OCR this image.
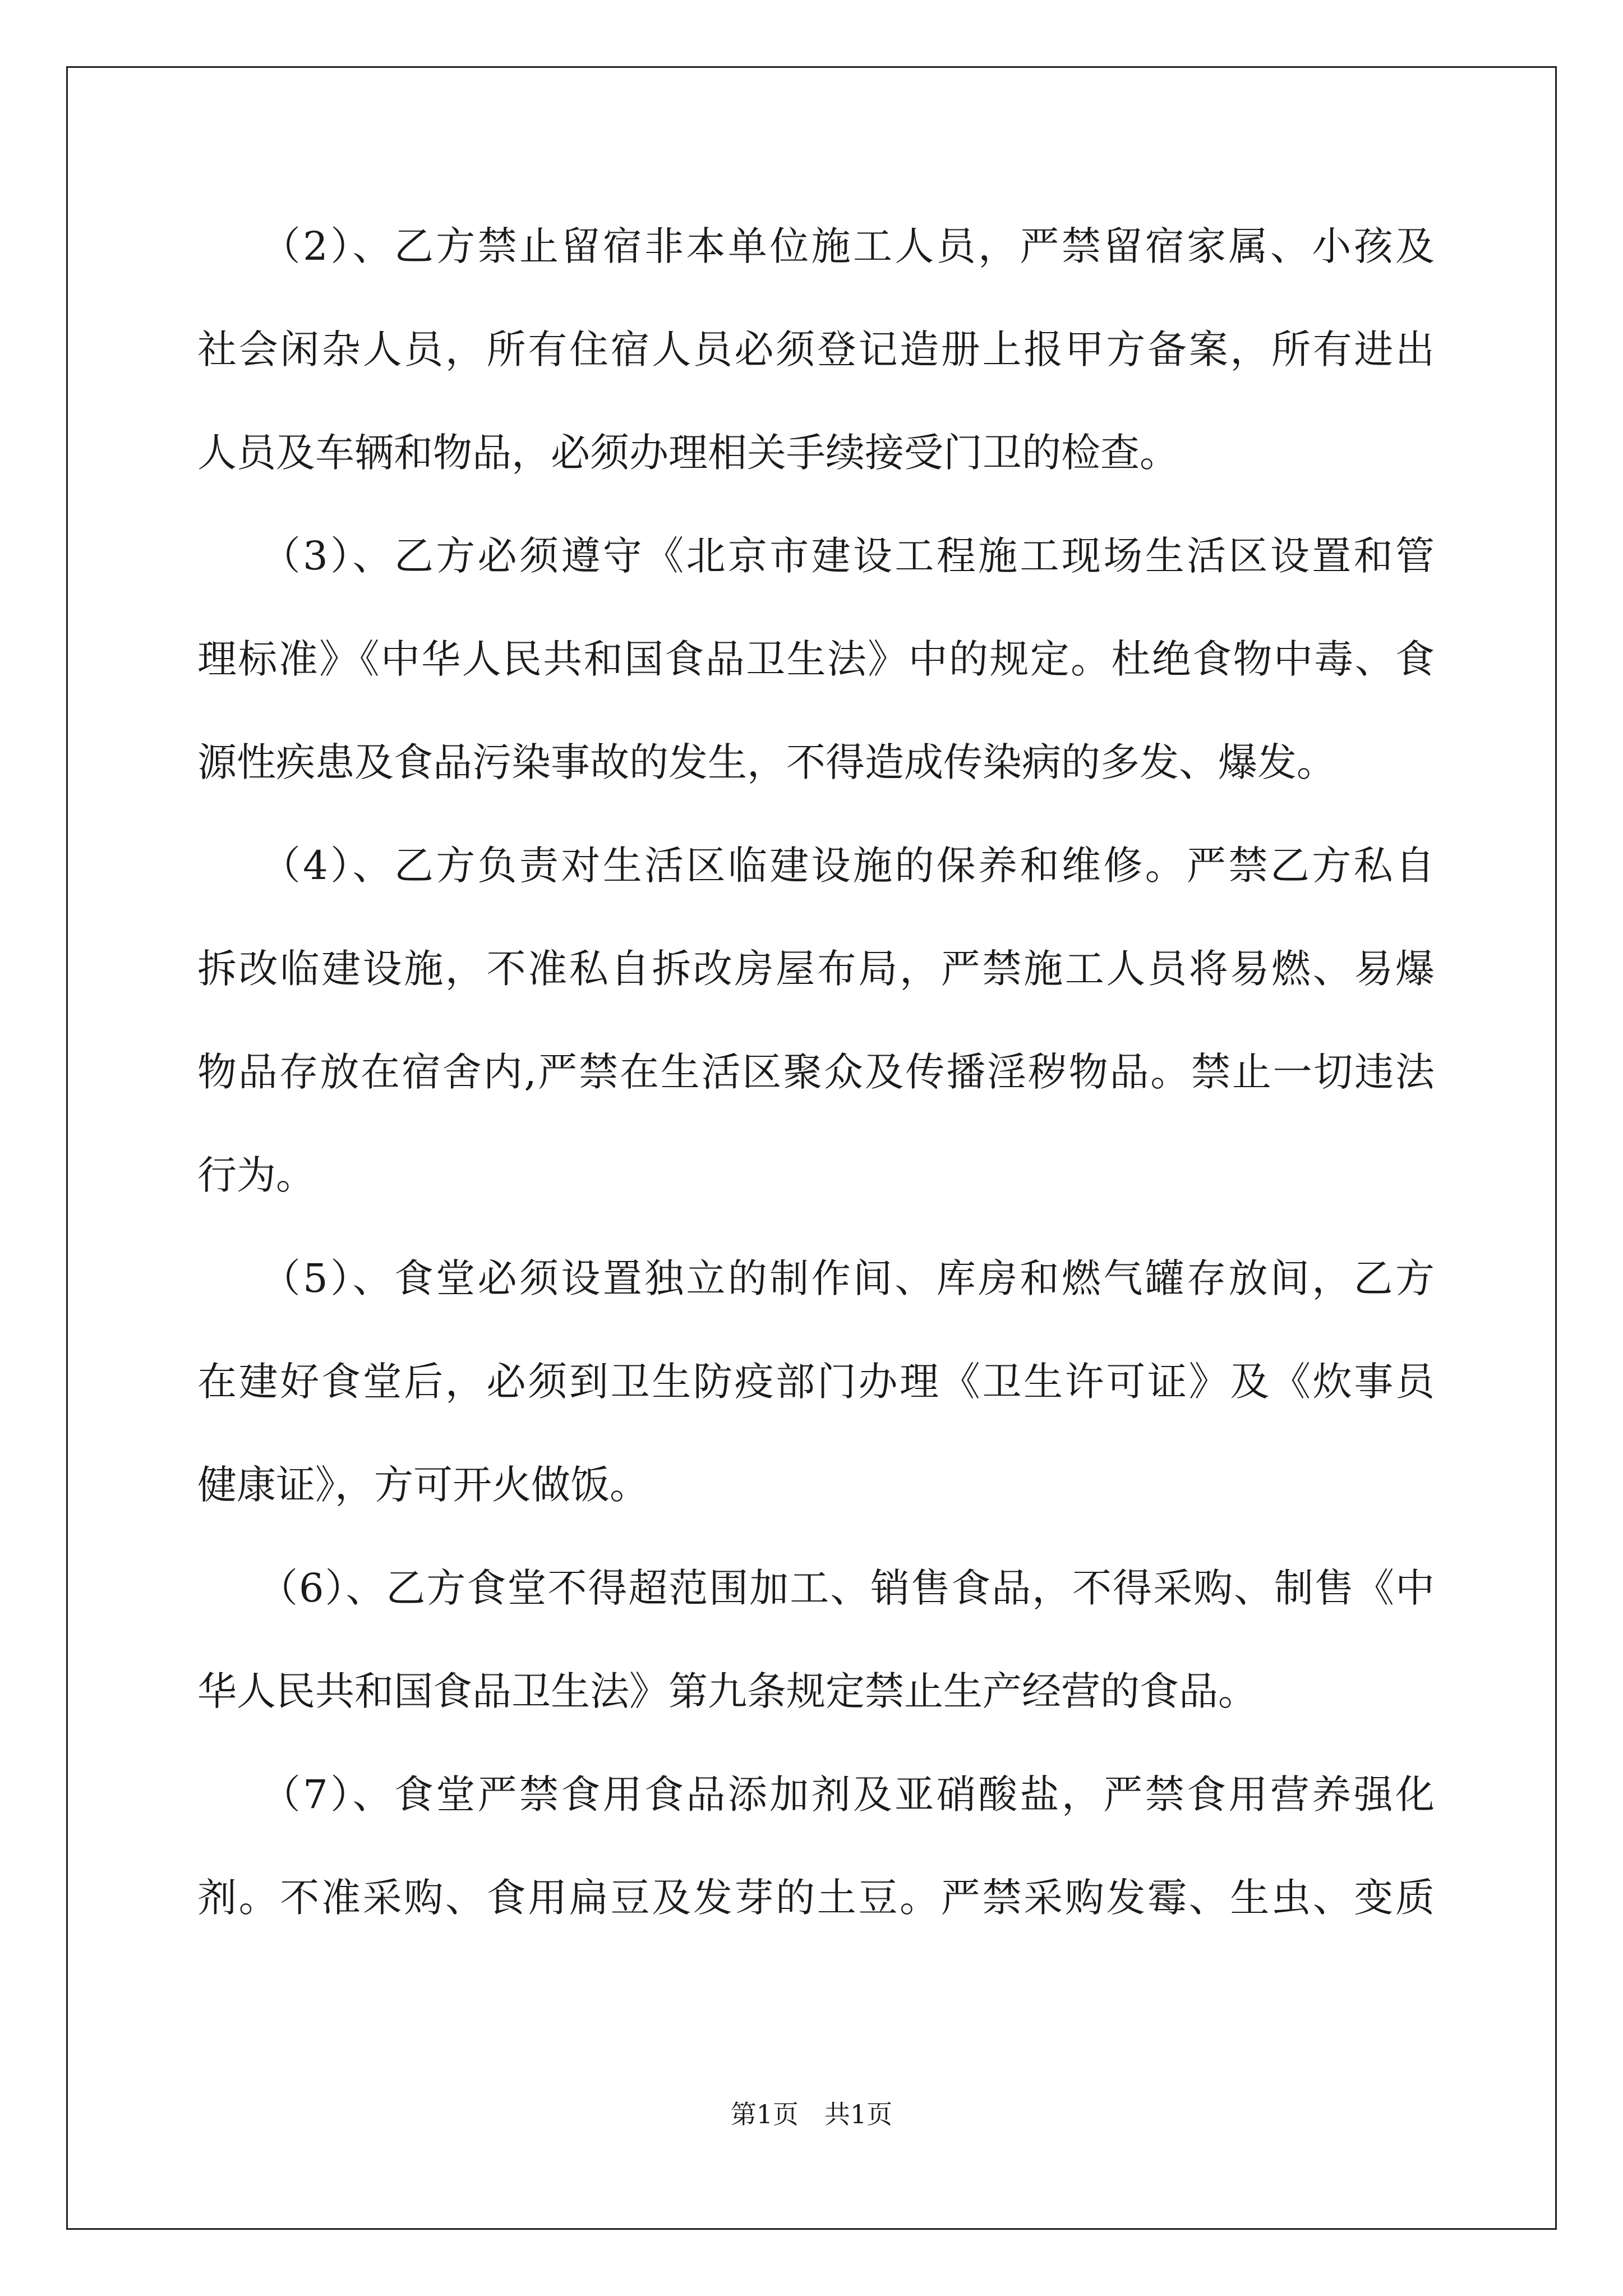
　　（2）、乙方禁止留宿非本单位施工人员，严禁留宿家属、小孩及
社会闲杂人员，所有住宿人员必须登记造册上报甲方备案，所有进出
人员及车辆和物品，必须办理相关手续接受门卫的检查。
　　（3）、乙方必须遵守《北京市建设工程施工现场生活区设置和管
理标准》《中华人民共和国食品卫生法》中的规定。杜绝食物中毒、食
源性疾患及食品污染事故的发生，不得造成传染病的多发、爆发。
　　（4）、乙方负责对生活区临建设施的保养和维修。严禁乙方私自
拆改临建设施，不准私自拆改房屋布局，严禁施工人员将易燃、易爆
物品存放在宿舍内,严禁在生活区聚众及传播淫秽物品。禁止一切违法
行为。
　　（5）、食堂必须设置独立的制作间、库房和燃气罐存放间，乙方
在建好食堂后，必须到卫生防疫部门办理《卫生许可证》及《炊事员
健康证》，方可开火做饭。
　　（6）、乙方食堂不得超范围加工、销售食品，不得采购、制售《中
华人民共和国食品卫生法》第九条规定禁止生产经营的食品。
　　（7）、食堂严禁食用食品添加剂及亚硝酸盐，严禁食用营养强化
剂。不准采购、食用扁豆及发芽的土豆。严禁采购发霉、生虫、变质
第1页　共1页
